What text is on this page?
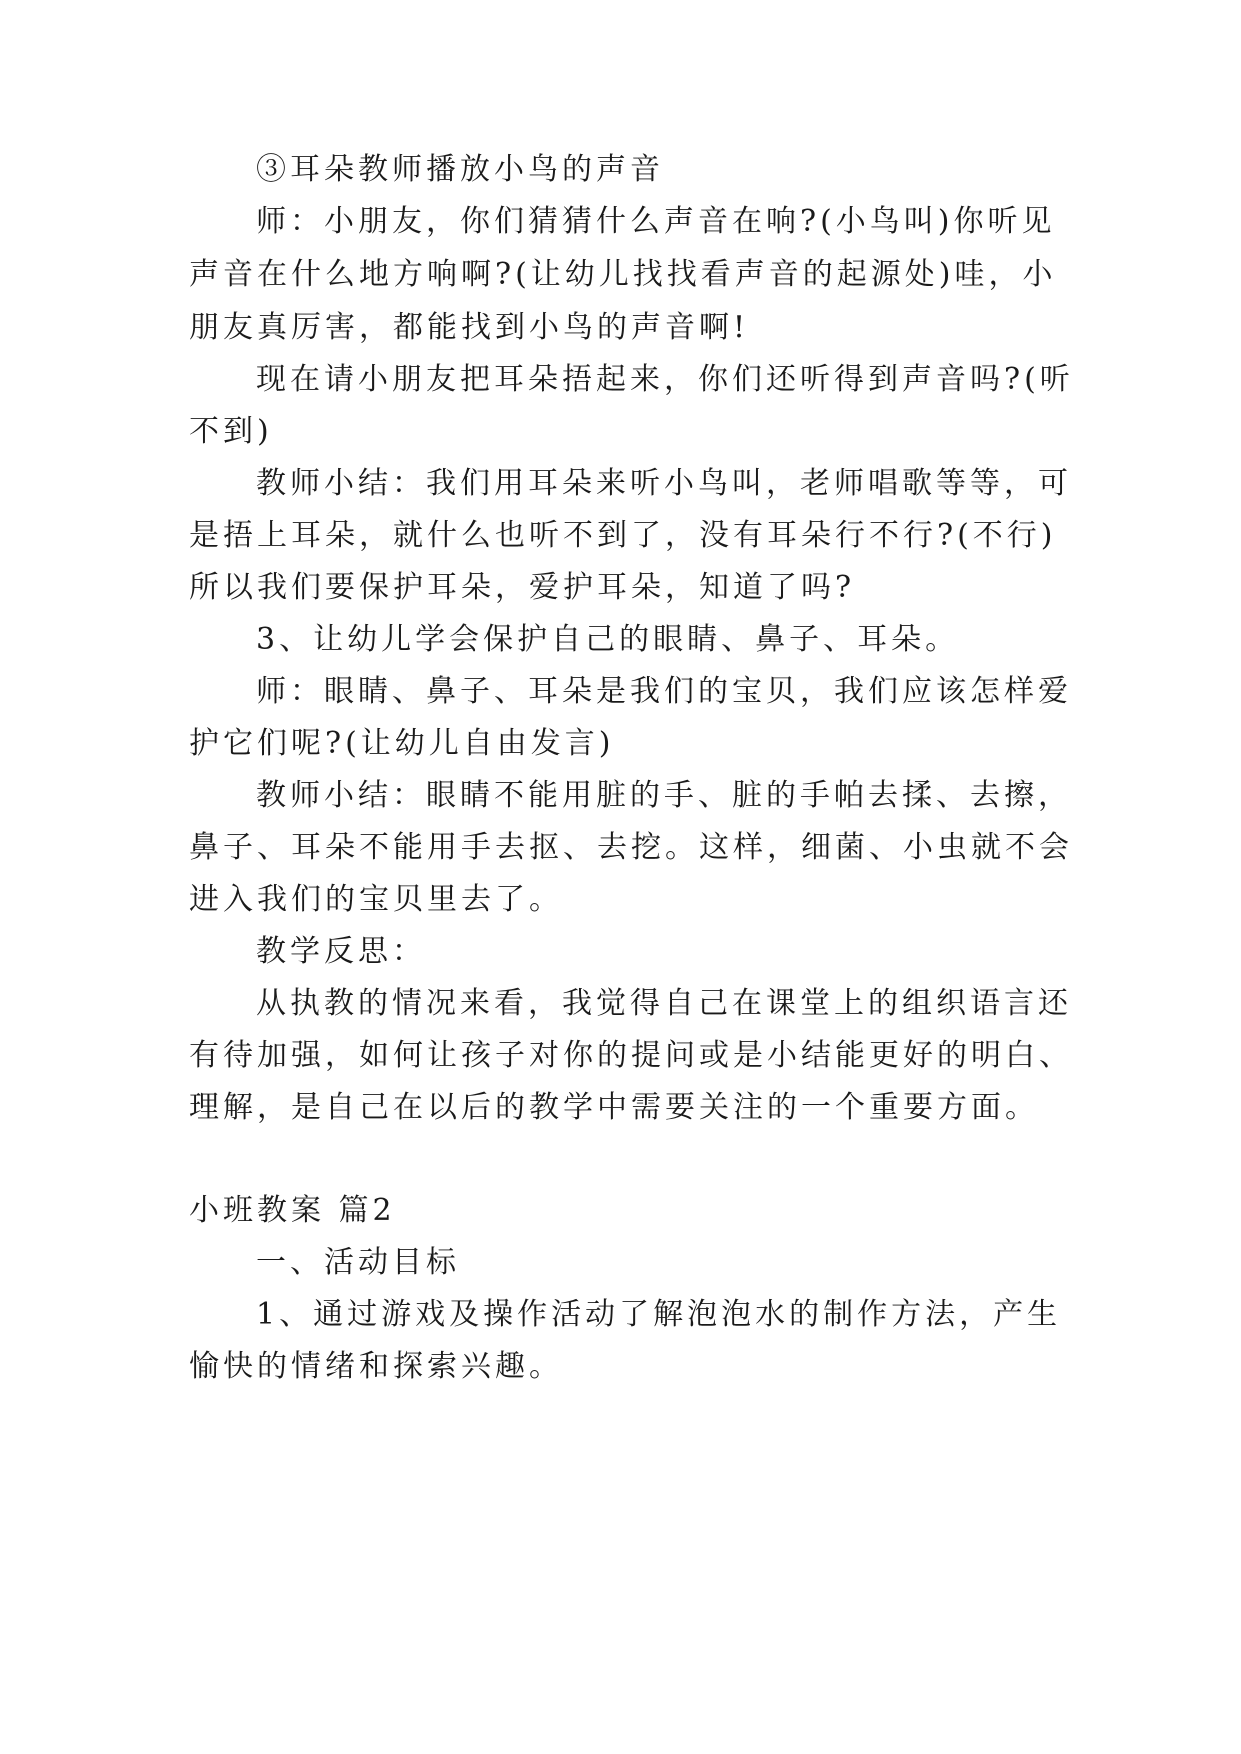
③耳朵教师播放小鸟的声音

师：小朋友，你们猜猜什么声音在响?(小鸟叫)你听见

声音在什么地方响啊?(让幼儿找找看声音的起源处)哇，小

朋友真厉害，都能找到小鸟的声音啊!

现在请小朋友把耳朵捂起来，你们还听得到声音吗?(听

不到)

教师小结：我们用耳朵来听小鸟叫，老师唱歌等等，可

是捂上耳朵，就什么也听不到了，没有耳朵行不行?(不行)

所以我们要保护耳朵，爱护耳朵，知道了吗?

3、让幼儿学会保护自己的眼睛、鼻子、耳朵。

师：眼睛、鼻子、耳朵是我们的宝贝，我们应该怎样爱

护它们呢?(让幼儿自由发言)

教师小结：眼睛不能用脏的手、脏的手帕去揉、去擦，

鼻子、耳朵不能用手去抠、去挖。这样，细菌、小虫就不会

进入我们的宝贝里去了。

教学反思：

从执教的情况来看，我觉得自己在课堂上的组织语言还

有待加强，如何让孩子对你的提问或是小结能更好的明白、

理解，是自己在以后的教学中需要关注的一个重要方面。

小班教案 篇2

一、活动目标

1、通过游戏及操作活动了解泡泡水的制作方法，产生

愉快的情绪和探索兴趣。
